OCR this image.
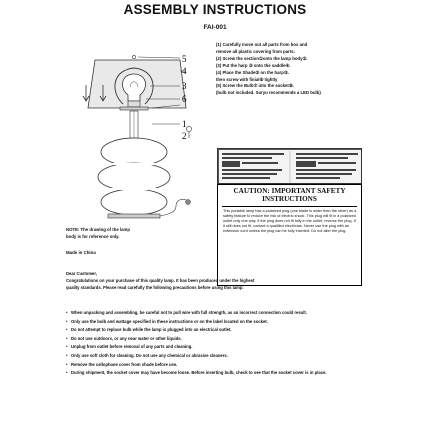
ASSEMBLY INSTRUCTIONS
FAI-001
5
4
3
6
1
2
(1) Carefully move out all parts from box and
remove all plastic covering from parts.
(2) Screw the section①onto the lamp body②.
(3) Put the harp ③ onto the saddle④.
(4) Place the Shade⑤ on the harp③.
then screw with finial⑥ tightly
(5) Screw the Bulb⑦ into the socket⑧.
(bulb not included. Suryu recommends a LED bulb)
CAUTION: IMPORTANT SAFETY
INSTRUCTIONS
This portable lamp has a polarized plug (one blade is wider than the other) as a safety feature to reduce the risk of electric shock. This plug will fit in a polarized outlet only one way. If the plug does not fit fully in the outlet, reverse the plug. If it still does not fit, contact a qualified electrician. Never use the plug with an extension cord unless the plug can be fully inserted. Do not alter the plug.
NOTE: The drawing of the lamp
body is for reference only.
Made in China

Dear Customer,

Congratulations on your purchase of this quality lamp. It has been produced under the highest

quality standards. Please read carefully the following precautions before using this lamp:

• When unpacking and assembling, be careful not to pull wire with full strength, as an incorrect connection could result.
• Only use the bulb and wattage specified in these instructions or on the label located on the socket.
• Do not attempt to replace bulb while the lamp is plugged into an electrical outlet.
• Do not use outdoors, or any near water or other liquids.
• Unplug from outlet before removal of any parts and cleaning.
• Only use soft cloth for cleaning. Do not use any chemical or abrasive cleaners.
• Remove the cellophane cover from shade before use.
• During shipment, the socket cover may have become loose. Before inserting bulb, check to see that the socket cover is in place.
